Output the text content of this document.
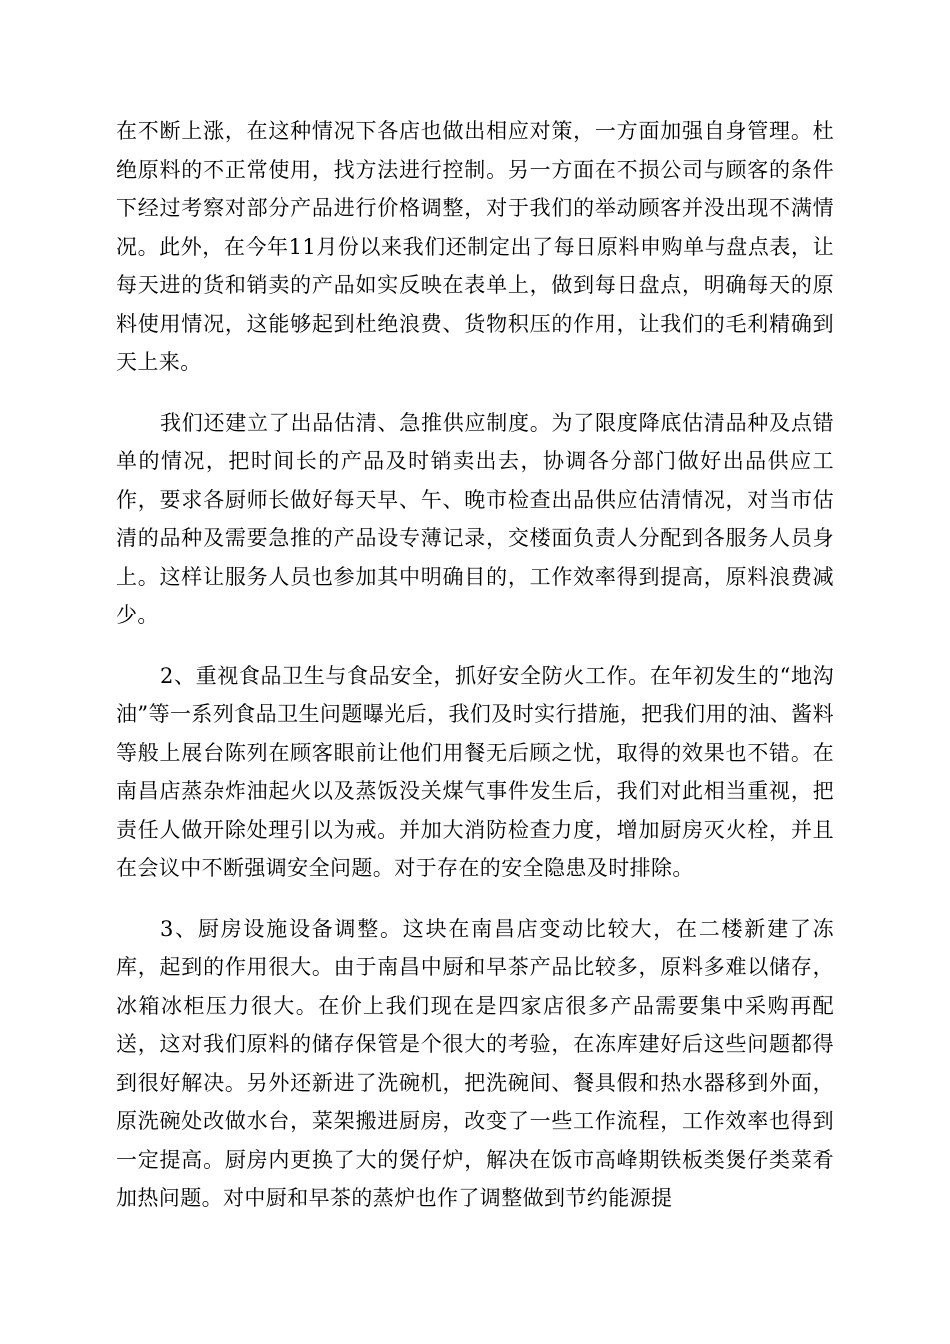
在不断上涨，在这种情况下各店也做出相应对策，一方面加强自身管理。杜绝原料的不正常使用，找方法进行控制。另一方面在不损公司与顾客的条件下经过考察对部分产品进行价格调整，对于我们的举动顾客并没出现不满情况。此外，在今年11月份以来我们还制定出了每日原料申购单与盘点表，让每天进的货和销卖的产品如实反映在表单上，做到每日盘点，明确每天的原料使用情况，这能够起到杜绝浪费、货物积压的作用，让我们的毛利精确到天上来。

我们还建立了出品估清、急推供应制度。为了限度降底估清品种及点错单的情况，把时间长的产品及时销卖出去，协调各分部门做好出品供应工作，要求各厨师长做好每天早、午、晚市检查出品供应估清情况，对当市估清的品种及需要急推的产品设专薄记录，交楼面负责人分配到各服务人员身上。这样让服务人员也参加其中明确目的，工作效率得到提高，原料浪费减少。

2、重视食品卫生与食品安全，抓好安全防火工作。在年初发生的“地沟油”等一系列食品卫生问题曝光后，我们及时实行措施，把我们用的油、酱料等般上展台陈列在顾客眼前让他们用餐无后顾之忧，取得的效果也不错。在南昌店蒸杂炸油起火以及蒸饭没关煤气事件发生后，我们对此相当重视，把责任人做开除处理引以为戒。并加大消防检查力度，增加厨房灭火栓，并且在会议中不断强调安全问题。对于存在的安全隐患及时排除。

3、厨房设施设备调整。这块在南昌店变动比较大，在二楼新建了冻库，起到的作用很大。由于南昌中厨和早茶产品比较多，原料多难以储存，冰箱冰柜压力很大。在价上我们现在是四家店很多产品需要集中采购再配送，这对我们原料的储存保管是个很大的考验，在冻库建好后这些问题都得到很好解决。另外还新进了洗碗机，把洗碗间、餐具假和热水器移到外面，原洗碗处改做水台，菜架搬进厨房，改变了一些工作流程，工作效率也得到一定提高。厨房内更换了大的煲仔炉，解决在饭市高峰期铁板类煲仔类菜肴加热问题。对中厨和早茶的蒸炉也作了调整做到节约能源提
